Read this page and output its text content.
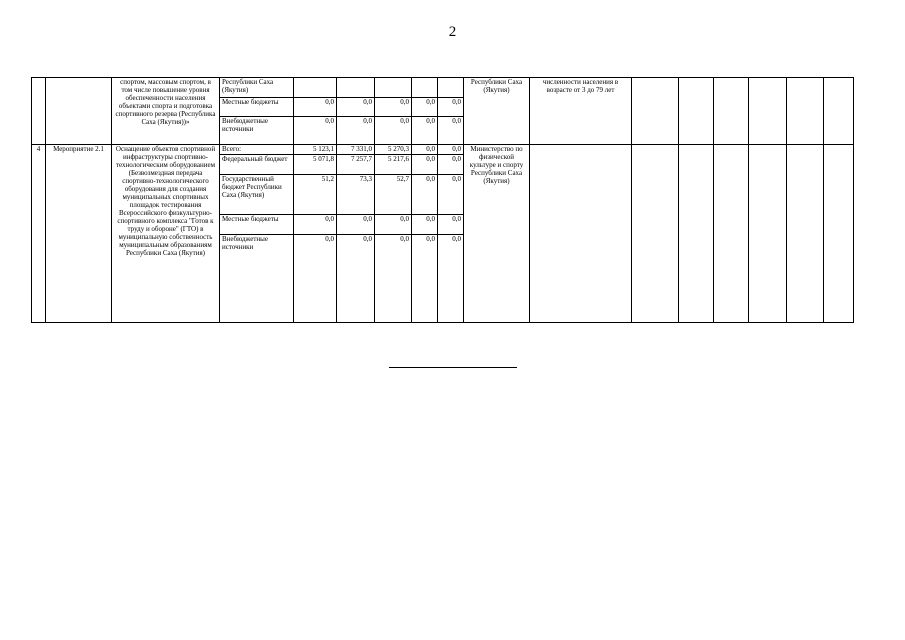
2
		спортом, массовым спортом, в том числе повышение уровня обеспеченности населения объектами спорта и подготовка спортивного резерва (Республика Саха (Якутия))»	Республики Саха (Якутия)						Республики Саха (Якутия)	численности населения в возрасте от 3 до 79 лет						
			Местные бюджеты	0,0	0,0	0,0	0,0	0,0								
			Внебюджетные источники	0,0	0,0	0,0	0,0	0,0								
4	Мероприятие 2.1	Оснащение объектов спортивной инфраструктуры спортивно-технологическим оборудованием (Безвозмездная передача спортивно-технологического оборудования для создания муниципальных спортивных площадок тестирования Всероссийского физкультурно-спортивного комплекса "Готов к труду и обороне" (ГТО) в муниципальную собственность муниципальным образованиям Республики Саха (Якутия)	Всего:	5 123,1	7 331,0	5 270,3	0,0	0,0	Министерство по физической культуре и спорту Республики Саха (Якутия)							
			Федеральный бюджет	5 071,8	7 257,7	5 217,6	0,0	0,0								
			Государственный бюджет Республики Саха (Якутия)	51,2	73,3	52,7	0,0	0,0								
			Местные бюджеты	0,0	0,0	0,0	0,0	0,0								
			Внебюджетные источники	0,0	0,0	0,0	0,0	0,0								
